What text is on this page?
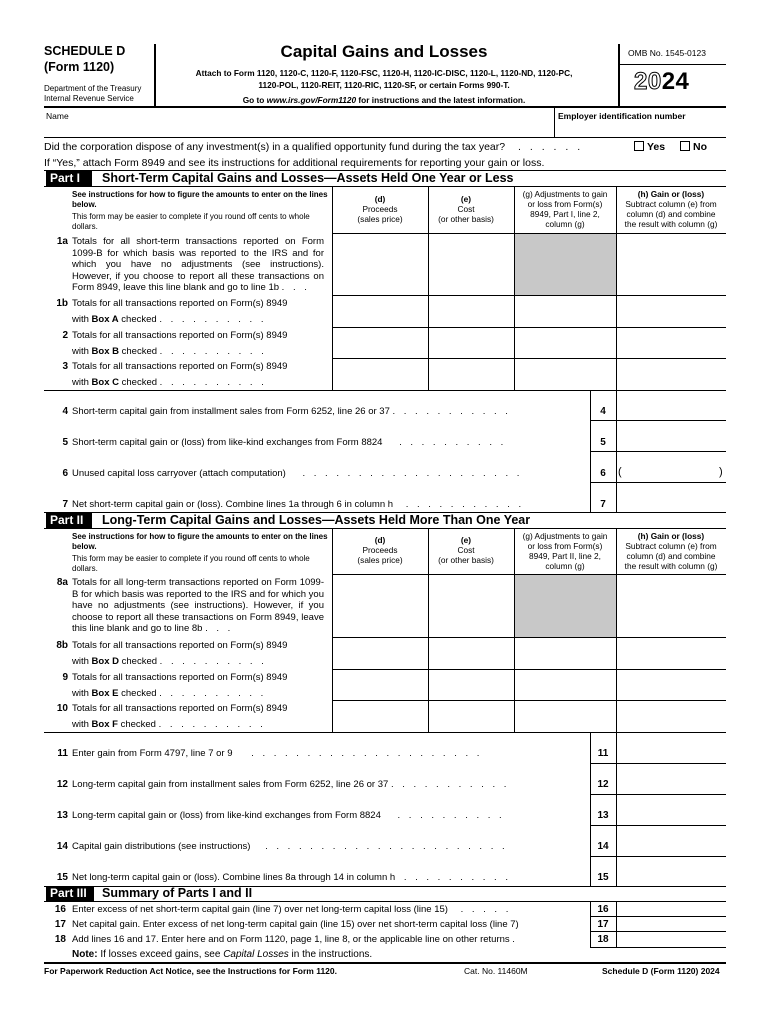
SCHEDULE D
(Form 1120)
Department of the Treasury
Internal Revenue Service
Capital Gains and Losses
Attach to Form 1120, 1120-C, 1120-F, 1120-FSC, 1120-H, 1120-IC-DISC, 1120-L, 1120-ND, 1120-PC,
1120-POL, 1120-REIT, 1120-RIC, 1120-SF, or certain Forms 990-T.
Go to www.irs.gov/Form1120 for instructions and the latest information.
OMB No. 1545-0123
2024
Name	Employer identification number
Did the corporation dispose of any investment(s) in a qualified opportunity fund during the tax year? . . . . . .	Yes	No
If “Yes,” attach Form 8949 and see its instructions for additional requirements for reporting your gain or loss.
Part I	Short-Term Capital Gains and Losses—Assets Held One Year or Less
See instructions for how to figure the amounts to enter on the lines below.
This form may be easier to complete if you round off cents to whole dollars.
(d)
Proceeds
(sales price)
(e)
Cost
(or other basis)
(g) Adjustments to gain
or loss from Form(s)
8949, Part I, line 2,
column (g)
(h) Gain or (loss)
Subtract column (e) from
column (d) and combine
the result with column (g)
1a Totals for all short-term transactions reported on Form 1099-B for which basis was reported to the IRS and for which you have no adjustments (see instructions). However, if you choose to report all these transactions on Form 8949, leave this line blank and go to line 1b . . .
1b Totals for all transactions reported on Form(s) 8949
with Box A checked . . . . . . . . . .
2 Totals for all transactions reported on Form(s) 8949
with Box B checked . . . . . . . . . .
3 Totals for all transactions reported on Form(s) 8949
with Box C checked . . . . . . . . . .
4 Short-term capital gain from installment sales from Form 6252, line 26 or 37 . . . . . . . . . . .	4
5 Short-term capital gain or (loss) from like-kind exchanges from Form 8824 . . . . . . . . . .	5
6 Unused capital loss carryover (attach computation) . . . . . . . . . . . . . . . . . . . .	6	(	)
7 Net short-term capital gain or (loss). Combine lines 1a through 6 in column h . . . . . . . . . . .	7
Part II	Long-Term Capital Gains and Losses—Assets Held More Than One Year
See instructions for how to figure the amounts to enter on the lines below.
This form may be easier to complete if you round off cents to whole dollars.
(d)
Proceeds
(sales price)
(e)
Cost
(or other basis)
(g) Adjustments to gain
or loss from Form(s)
8949, Part II, line 2,
column (g)
(h) Gain or (loss)
Subtract column (e) from
column (d) and combine
the result with column (g)
8a Totals for all long-term transactions reported on Form 1099-B for which basis was reported to the IRS and for which you have no adjustments (see instructions). However, if you choose to report all these transactions on Form 8949, leave this line blank and go to line 8b . . .
8b Totals for all transactions reported on Form(s) 8949
with Box D checked . . . . . . . . . .
9 Totals for all transactions reported on Form(s) 8949
with Box E checked . . . . . . . . . .
10 Totals for all transactions reported on Form(s) 8949
with Box F checked . . . . . . . . . .
11 Enter gain from Form 4797, line 7 or 9 . . . . . . . . . . . . . . . . . . . . .	11
12 Long-term capital gain from installment sales from Form 6252, line 26 or 37 . . . . . . . . . . .	12
13 Long-term capital gain or (loss) from like-kind exchanges from Form 8824 . . . . . . . . . .	13
14 Capital gain distributions (see instructions) . . . . . . . . . . . . . . . . . . . . . .	14
15 Net long-term capital gain or (loss). Combine lines 8a through 14 in column h . . . . . . . . . .	15
Part III	Summary of Parts I and II
16 Enter excess of net short-term capital gain (line 7) over net long-term capital loss (line 15) . . . . .	16
17 Net capital gain. Enter excess of net long-term capital gain (line 15) over net short-term capital loss (line 7)	17
18 Add lines 16 and 17. Enter here and on Form 1120, page 1, line 8, or the applicable line on other returns .	18
Note: If losses exceed gains, see Capital Losses in the instructions.
For Paperwork Reduction Act Notice, see the Instructions for Form 1120.	Cat. No. 11460M	Schedule D (Form 1120) 2024
